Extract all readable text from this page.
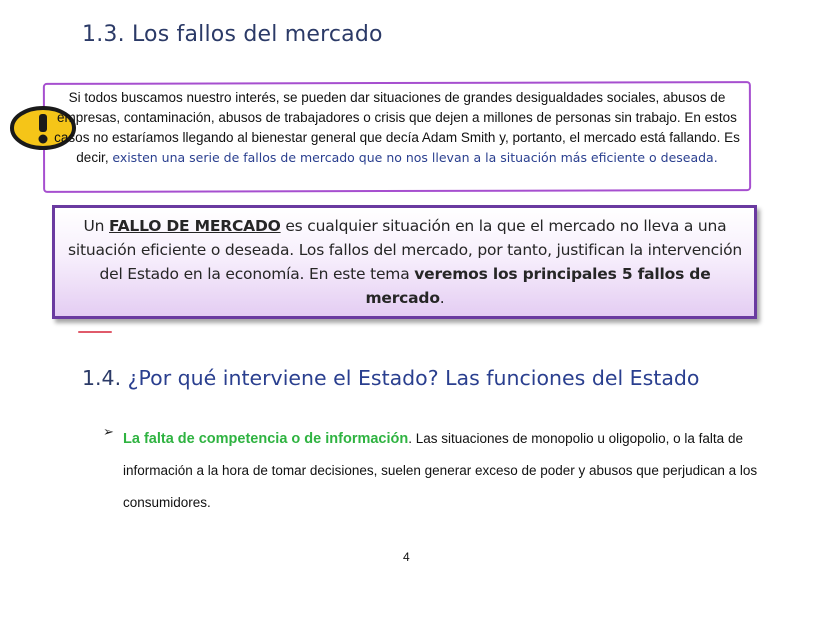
1.3. Los fallos del mercado
Si todos buscamos nuestro interés, se pueden dar situaciones de grandes desigualdades sociales, abusos de empresas, contaminación, abusos de trabajadores o crisis que dejen a millones de personas sin trabajo. En estos casos no estaríamos llegando al bienestar general que decía Adam Smith y, portanto, el mercado está fallando. Es decir, existen una serie de fallos de mercado que no nos llevan a la situación más eficiente o deseada.
Un FALLO DE MERCADO es cualquier situación en la que el mercado no lleva a una situación eficiente o deseada. Los fallos del mercado, por tanto, justifican la intervención del Estado en la economía. En este tema veremos los principales 5 fallos de mercado.
1.4. ¿Por qué interviene el Estado? Las funciones del Estado
➢ La falta de competencia o de información. Las situaciones de monopolio u oligopolio, o la falta de información a la hora de tomar decisiones, suelen generar exceso de poder y abusos que perjudican a los consumidores.
4
